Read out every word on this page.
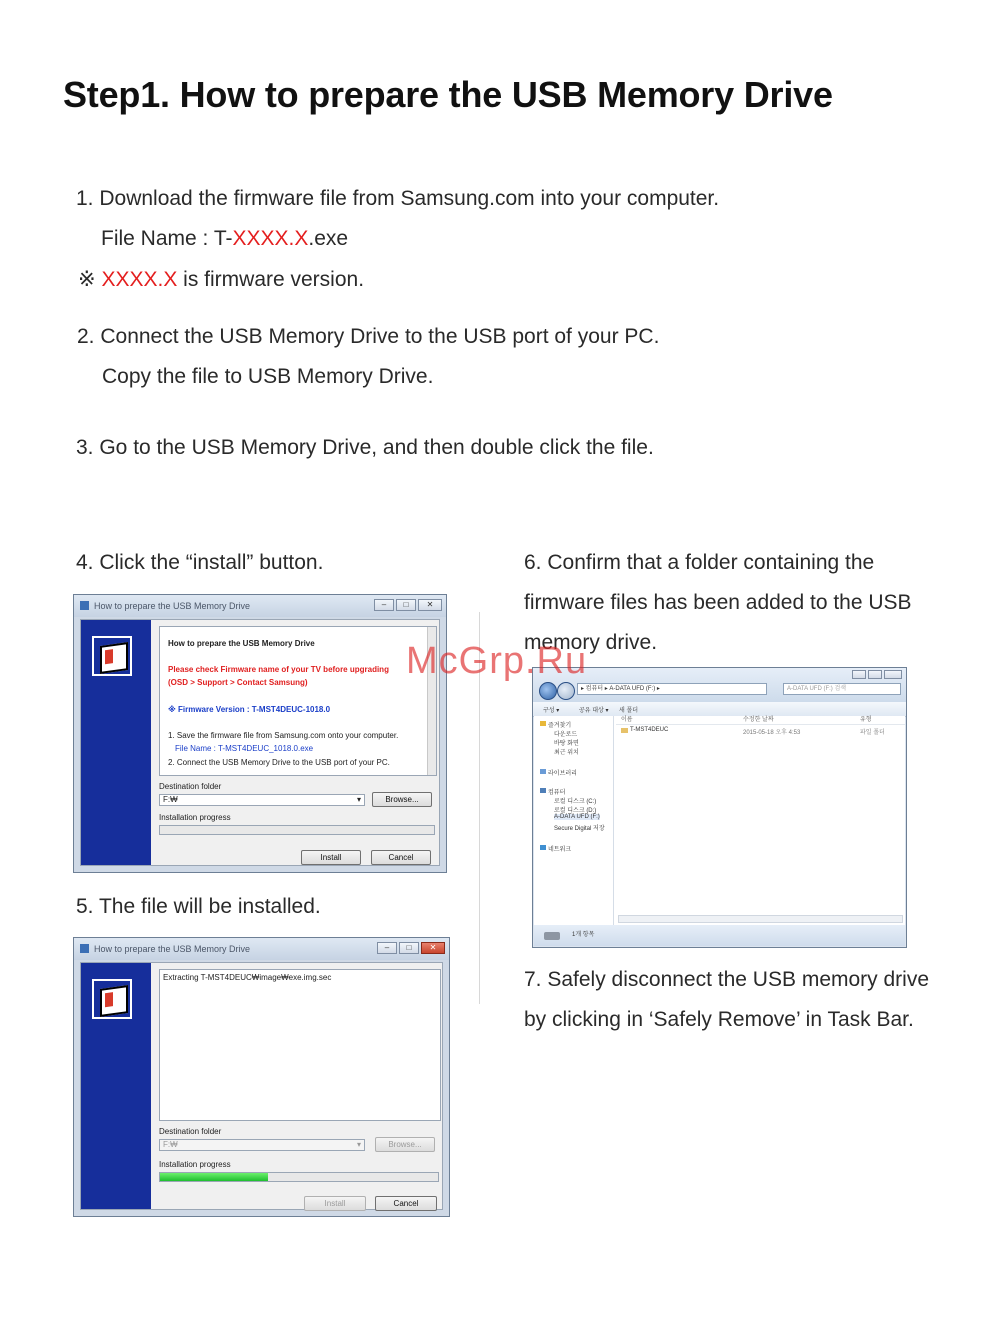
Step1. How to prepare the USB Memory Drive
1. Download the firmware file from Samsung.com into your computer.
File Name : T-XXXX.X.exe
※ XXXX.X is firmware version.
2. Connect the USB Memory Drive to the USB port of your PC.
Copy the file to USB Memory Drive.
3. Go to the USB Memory Drive, and then double click the file.
4. Click the “install” button.	6. Confirm that a folder containing the
firmware files has been added to the USB
memory drive.
5. The file will be installed.
7. Safely disconnect the USB memory drive
by clicking in ‘Safely Remove’ in Task Bar.
How to prepare the USB Memory Drive	–	□	✕
How to prepare the USB Memory Drive
Please check Firmware name of your TV before upgrading
(OSD > Support > Contact Samsung)
※ Firmware Version : T-MST4DEUC-1018.0
1. Save the firmware file from Samsung.com onto your computer.
File Name : T-MST4DEUC_1018.0.exe
2. Connect the USB Memory Drive to the USB port of your PC.
Destination folder
F:₩	▾	Browse...
Installation progress
Install	Cancel
How to prepare the USB Memory Drive	–	□	✕
Extracting T-MST4DEUC₩image₩exe.img.sec
Destination folder
F:₩	▾	Browse...
Installation progress
Install	Cancel
▸ 컴퓨터 ▸ A-DATA UFD (F:) ▸	A-DATA UFD (F:) 검색
구성 ▾	공유 대상 ▾ 새 폴더
즐겨찾기
다운로드
바탕 화면
최근 위치
라이브러리
컴퓨터
로컬 디스크 (C:)
로컬 디스크 (D:)
A-DATA UFD (F:)
Secure Digital 저장
네트워크
이름	수정한 날짜	유형
T-MST4DEUC	2015-05-18 오후 4:53	파일 폴더
1개 항목
McGrp.Ru
